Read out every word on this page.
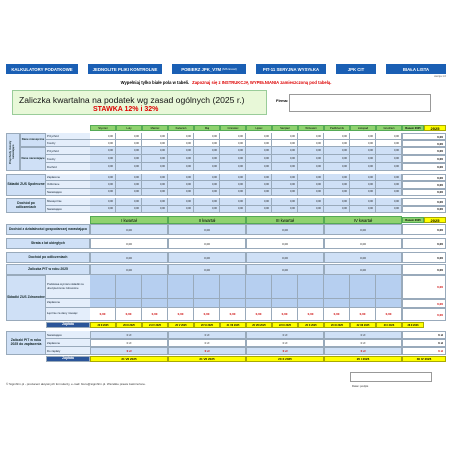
KALKULATORY PODATKOWE	JEDNOLITE PLIKI KONTROLNE	POBIERZ JPK_V7M (MS Excel)	PIT-11 SERYJNA WYSYŁKA	JPK CIT	BIAŁA LISTA
wersja 1.0
Wypełniaj tylko białe pola w tabeli. Zapoznaj się z INSTRUKCJĄ WYPEŁNIANIA zamieszczoną pod tabelą.
Zaliczka kwartalna na podatek wg zasad ogólnych (2025 r.)
STAWKA 12% i 32%
Firma:
Styczeń	Luty	Marzec	Kwiecień	Maj	Czerwiec	Lipiec	Sierpień	Wrzesień	Październik	Listopad	Grudzień	Razem 2025	2025
Przychody i koszty narastająco
Dane miesięczne
Dane narastające
Przychód	0,00	0,00	0,00	0,00	0,00	0,00	0,00	0,00	0,00	0,00	0,00	0,00	0,00
Koszty	0,00	0,00	0,00	0,00	0,00	0,00	0,00	0,00	0,00	0,00	0,00	0,00	0,00
Przychód	0,00	0,00	0,00	0,00	0,00	0,00	0,00	0,00	0,00	0,00	0,00	0,00	0,00
Koszty	0,00	0,00	0,00	0,00	0,00	0,00	0,00	0,00	0,00	0,00	0,00	0,00	0,00
Dochód	0,00	0,00	0,00	0,00	0,00	0,00	0,00	0,00	0,00	0,00	0,00	0,00	0,00
Składki ZUS Społeczne
Zapłacone	0,00	0,00	0,00	0,00	0,00	0,00	0,00	0,00	0,00	0,00	0,00	0,00	0,00
Odliczane	0,00	0,00	0,00	0,00	0,00	0,00	0,00	0,00	0,00	0,00	0,00	0,00	0,00
Narastająco	0,00	0,00	0,00	0,00	0,00	0,00	0,00	0,00	0,00	0,00	0,00	0,00	0,00
Dochód po odliczeniach
Miesięcznie	0,00	0,00	0,00	0,00	0,00	0,00	0,00	0,00	0,00	0,00	0,00	0,00	0,00
Narastająco	0,00	0,00	0,00	0,00	0,00	0,00	0,00	0,00	0,00	0,00	0,00	0,00	0,00
I kwartał	II kwartał	III kwartał	IV kwartał	Razem 2025	2025
Dochód z działalności gospodarczej narastająco	0,00	0,00	0,00	0,00	0,00
Strata z lat ubiegłych	0,00	0,00	0,00	0,00	0,00
Dochód po odliczeniach	0,00	0,00	0,00	0,00	0,00
Zaliczka PIT w roku 2025	0,00	0,00	0,00	0,00	0,00
Składki ZUS Zdrowotne
Podstawa wymiaru składki na ubezpieczenie zdrowotne	0,00
Zapłacone	0,00
Łącznie za dany miesiąc	0,00	0,00	0,00	0,00	0,00	0,00	0,00	0,00	0,00	0,00	0,00	0,00	0,00
Zapłata	20 II 2025	20 III 2025	21 IV 2025	20 V 2025	20 VI 2025	21 VII 2025	20 VIII 2025	22 IX 2025	20 X 2025	20 XI 2025	22 XII 2025	20 I 2026	28 II 2026
Zaliczki PIT w roku 2025 do zapłacenia
Narastająco	0 zł	0 zł	0 zł	0 zł	0 zł
Zapłacone	0 zł	0 zł	0 zł	0 zł	0 zł
Do zapłaty	0 zł	0 zł	0 zł	0 zł	0 zł
Zapłata	21 VII 2025	21 VII 2025	20 X 2025	20 I 2026	30 IV 2026
Data i podpis
© Sigmfirm.pl - producent aktywnych formularzy, e-mail: biuro@sigmfirm.pl. Wszelkie prawa zastrzeżone.
